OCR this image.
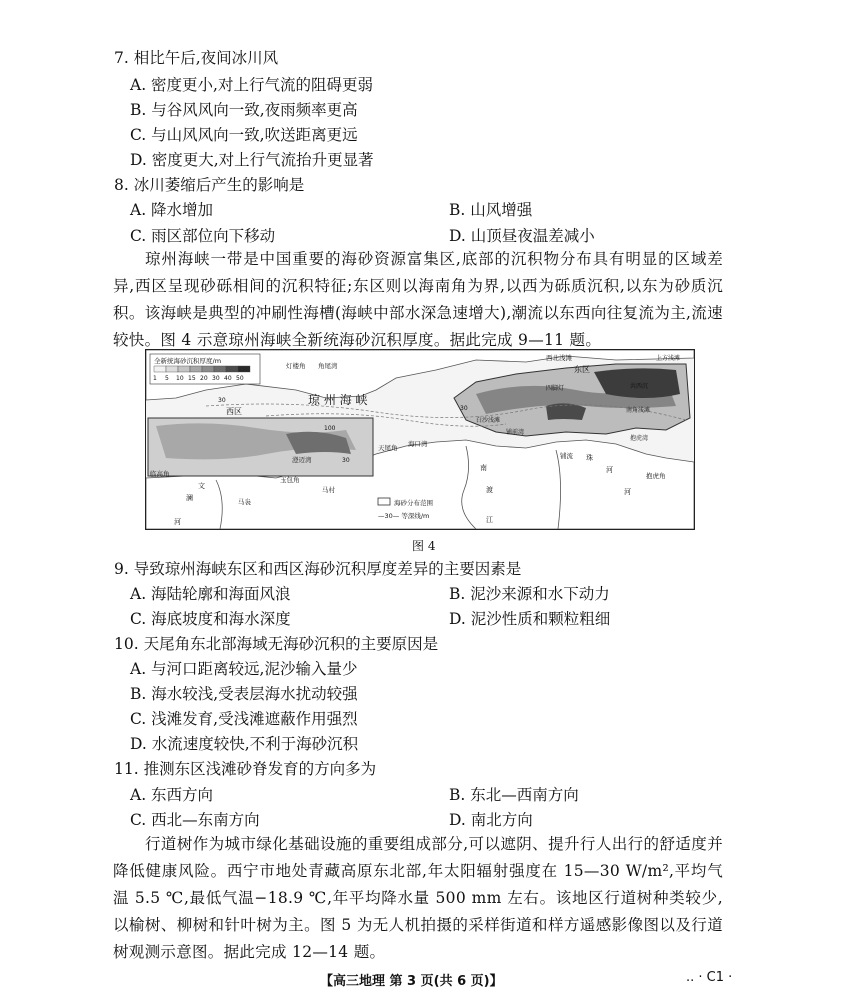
7. 相比午后,夜间冰川风
A. 密度更小,对上行气流的阻碍更弱
B. 与谷风风向一致,夜雨频率更高
C. 与山风风向一致,吹送距离更远
D. 密度更大,对上行气流抬升更显著
8. 冰川萎缩后产生的影响是
A. 降水增加	B. 山风增强
C. 雨区部位向下移动	D. 山顶昼夜温差减小
琼州海峡一带是中国重要的海砂资源富集区,底部的沉积物分布具有明显的区域差异,西区呈现砂砾相间的沉积特征;东区则以海南角为界,以西为砾质沉积,以东为砂质沉积。该海峡是典型的冲刷性海槽(海峡中部水深急速增大),潮流以东西向往复流为主,流速较快。图 4 示意琼州海峡全新统海砂沉积厚度。据此完成 9—11 题。
全新统海砂沉积厚度/m
1 5 10 15 20 30 40 50
灯楼角 角尾湾
西北浅滩	上方浅滩
东区
四脚灯	共西沉
南角浅滩
西区
琼 州 海 峡
100
30
30
30
白沙浅滩
铺前湾
抱虎湾
天尾角 海口湾
澄迈湾
临高角
玉包角
马村
马袅
文
澜
河
南
渡
江
铺流 珠
河
河
抱虎角
海砂分布范围
—30— 等深线/m
图 4
9. 导致琼州海峡东区和西区海砂沉积厚度差异的主要因素是
A. 海陆轮廓和海面风浪	B. 泥沙来源和水下动力
C. 海底坡度和海水深度	D. 泥沙性质和颗粒粗细
10. 天尾角东北部海域无海砂沉积的主要原因是
A. 与河口距离较远,泥沙输入量少
B. 海水较浅,受表层海水扰动较强
C. 浅滩发育,受浅滩遮蔽作用强烈
D. 水流速度较快,不利于海砂沉积
11. 推测东区浅滩砂脊发育的方向多为
A. 东西方向	B. 东北—西南方向
C. 西北—东南方向	D. 南北方向
行道树作为城市绿化基础设施的重要组成部分,可以遮阴、提升行人出行的舒适度并降低健康风险。西宁市地处青藏高原东北部,年太阳辐射强度在 15—30 W/m²,平均气温 5.5 ℃,最低气温−18.9 ℃,年平均降水量 500 mm 左右。该地区行道树种类较少,以榆树、柳树和针叶树为主。图 5 为无人机拍摄的采样街道和样方遥感影像图以及行道树观测示意图。据此完成 12—14 题。
【高三地理 第 3 页(共 6 页)】	.. · C1 ·
